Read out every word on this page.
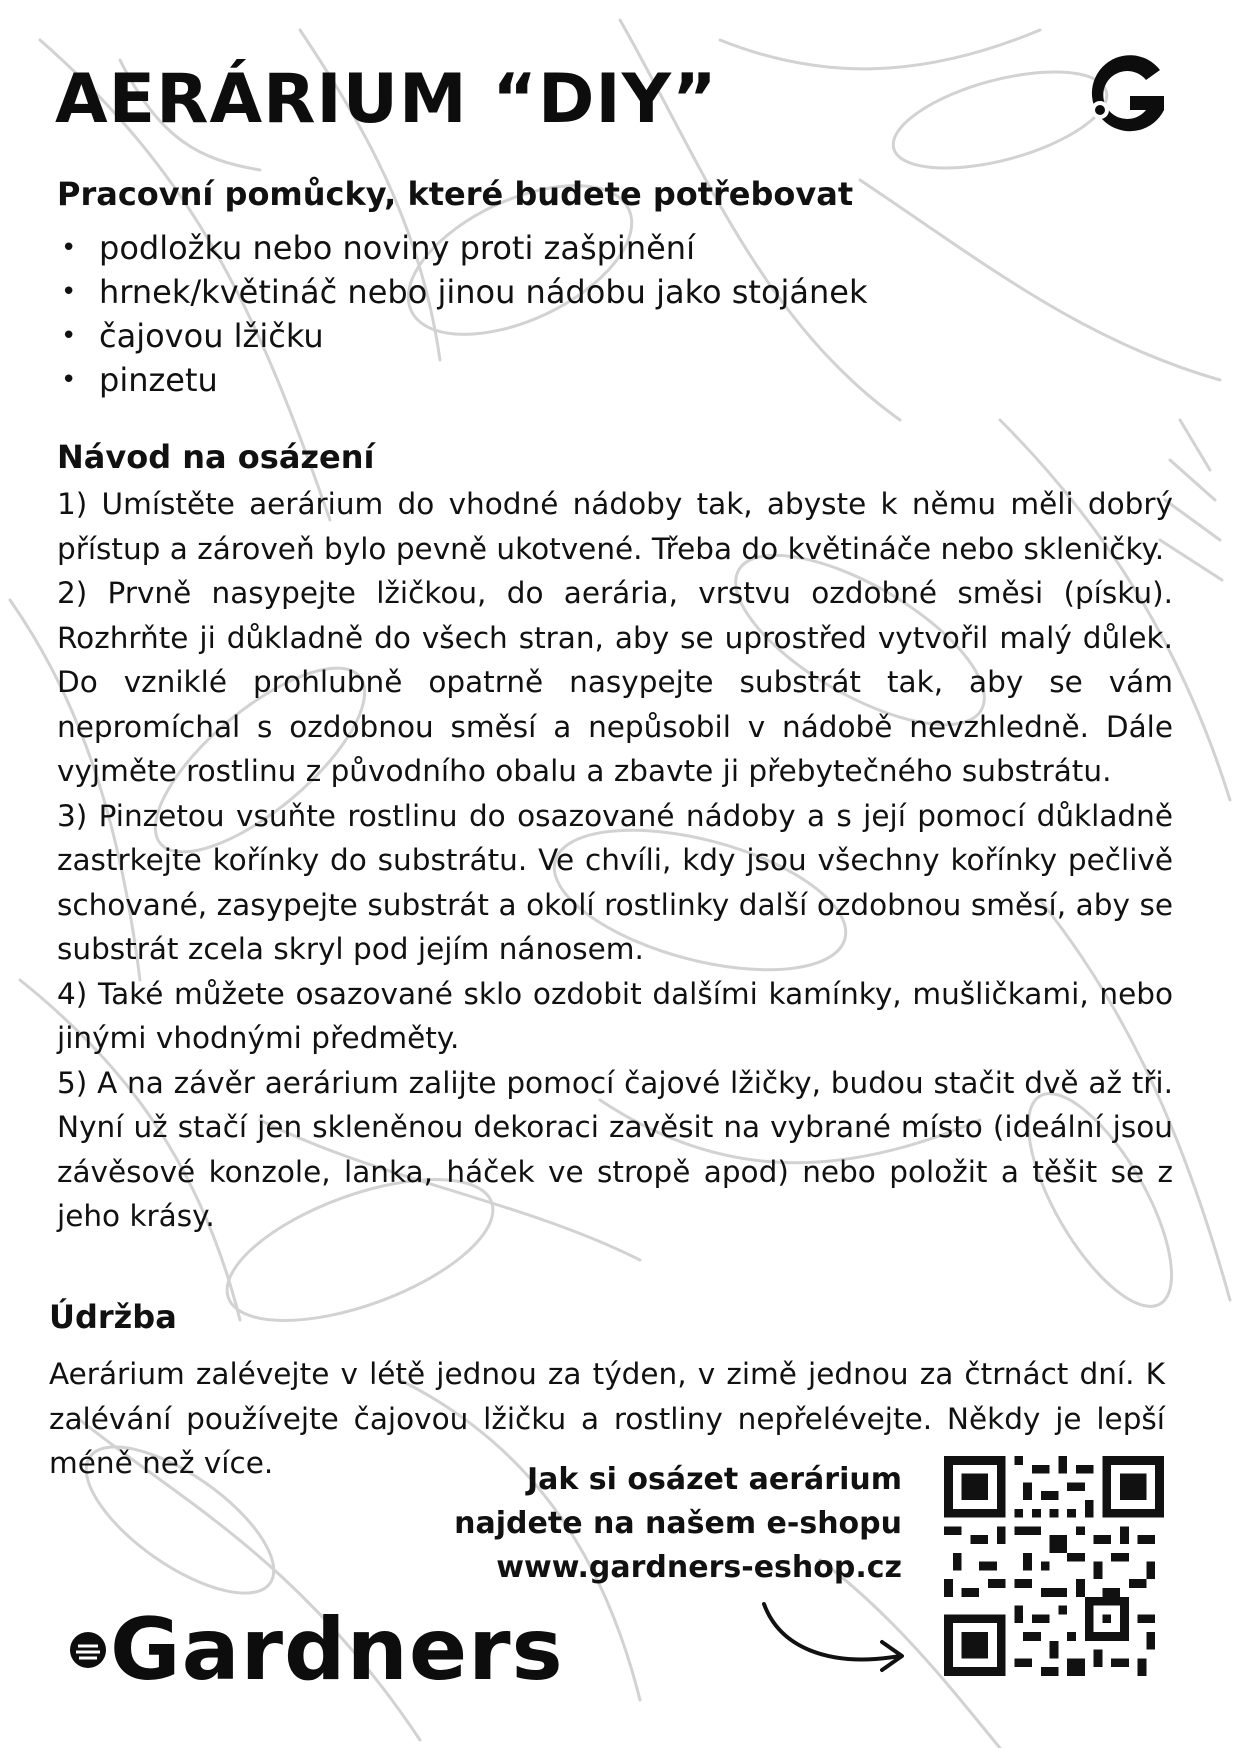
AERÁRIUM “DIY”
Pracovní pomůcky, které budete potřebovat
• podložku nebo noviny proti zašpinění
• hrnek/květináč nebo jinou nádobu jako stojánek
• čajovou lžičku
• pinzetu
Návod na osázení

1) Umístěte aerárium do vhodné nádoby tak, abyste k němu měli dobrý přístup a zároveň bylo pevně ukotvené. Třeba do květináče nebo skleničky.

2) Prvně nasypejte lžičkou, do aerária, vrstvu ozdobné směsi (písku). Rozhrňte ji důkladně do všech stran, aby se uprostřed vytvořil malý důlek. Do vzniklé prohlubně opatrně nasypejte substrát tak, aby se vám nepromíchal s ozdobnou směsí a nepůsobil v nádobě nevzhledně. Dále vyjměte rostlinu z původního obalu a zbavte ji přebytečného substrátu.

3) Pinzetou vsuňte rostlinu do osazované nádoby a s její pomocí důkladně zastrkejte kořínky do substrátu. Ve chvíli, kdy jsou všechny kořínky pečlivě schované, zasypejte substrát a okolí rostlinky další ozdobnou směsí, aby se substrát zcela skryl pod jejím nánosem.

4) Také můžete osazované sklo ozdobit dalšími kamínky, mušličkami, nebo jinými vhodnými předměty.

5) A na závěr aerárium zalijte pomocí čajové lžičky, budou stačit dvě až tři. Nyní už stačí jen skleněnou dekoraci zavěsit na vybrané místo (ideální jsou závěsové konzole, lanka, háček ve stropě apod) nebo položit a těšit se z jeho krásy.

Údržba

Aerárium zalévejte v létě jednou za týden, v zimě jednou za čtrnáct dní. K zalévání používejte čajovou lžičku a rostliny nepřelévejte. Někdy je lepší méně než více.	Jak si osázet aerárium
najdete na našem e-shopu
www.gardners-eshop.cz
Gardners
